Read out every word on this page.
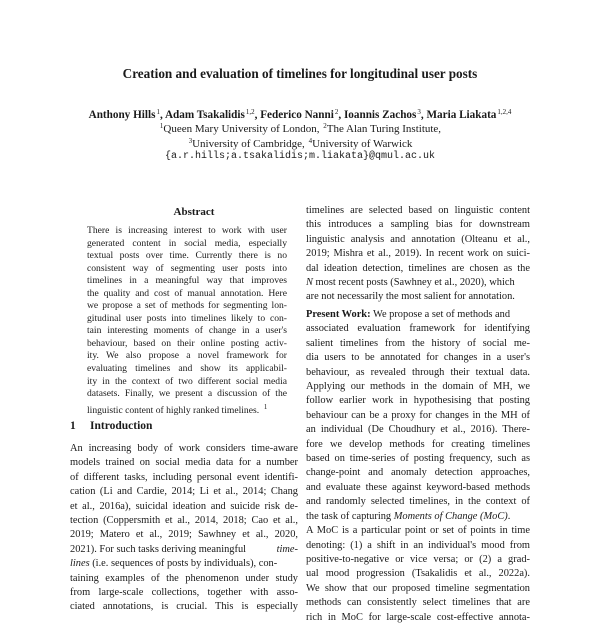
Creation and evaluation of timelines for longitudinal user posts
Anthony Hills$^1$, Adam Tsakalidis$^{1,2}$, Federico Nanni$^2$, Ioannis Zachos$^3$, Maria Liakata$^{1,2,4}$
$^1$Queen Mary University of London, $^2$The Alan Turing Institute,
$^3$University of Cambridge, $^4$University of Warwick
{a.r.hills;a.tsakalidis;m.liakata}@qmul.ac.uk
Abstract
There is increasing interest to work with user
generated content in social media, especially
textual posts over time. Currently there is no
consistent way of segmenting user posts into
timelines in a meaningful way that improves
the quality and cost of manual annotation. Here
we propose a set of methods for segmenting lon-
gitudinal user posts into timelines likely to con-
tain interesting moments of change in a user's
behaviour, based on their online posting activ-
ity. We also propose a novel framework for
evaluating timelines and show its applicabil-
ity in the context of two different social media
datasets. Finally, we present a discussion of the
linguistic content of highly ranked timelines. $^1$
1 Introduction
An increasing body of work considers time-aware
models trained on social media data for a number
of different tasks, including personal event identifi-
cation (Li and Cardie, 2014; Li et al., 2014; Chang
et al., 2016a), suicidal ideation and suicide risk de-
tection (Coppersmith et al., 2014, 2018; Cao et al.,
2019; Matero et al., 2019; Sawhney et al., 2020,
2021). For such tasks deriving meaningful	time-
lines (i.e. sequences of posts by individuals), con-
taining examples of the phenomenon under study
from large-scale collections, together with asso-
ciated annotations, is crucial. This is especially
timelines are selected based on linguistic content
this introduces a sampling bias for downstream
linguistic analysis and annotation (Olteanu et al.,
2019; Mishra et al., 2019). In recent work on suici-
dal ideation detection, timelines are chosen as the
N most recent posts (Sawhney et al., 2020), which
are not necessarily the most salient for annotation.
Present Work: We propose a set of methods and
associated evaluation framework for identifying
salient timelines from the history of social me-
dia users to be annotated for changes in a user's
behaviour, as revealed through their textual data.
Applying our methods in the domain of MH, we
follow earlier work in hypothesising that posting
behaviour can be a proxy for changes in the MH of
an individual (De Choudhury et al., 2016). There-
fore we develop methods for creating timelines
based on time-series of posting frequency, such as
change-point and anomaly detection approaches,
and evaluate these against keyword-based methods
and randomly selected timelines, in the context of
the task of capturing Moments of Change (MoC).
A MoC is a particular point or set of points in time
denoting: (1) a shift in an individual's mood from
positive-to-negative or vice versa; or (2) a grad-
ual mood progression (Tsakalidis et al., 2022a).
We show that our proposed timeline segmentation
methods can consistently select timelines that are
rich in MoC for large-scale cost-effective annota-
